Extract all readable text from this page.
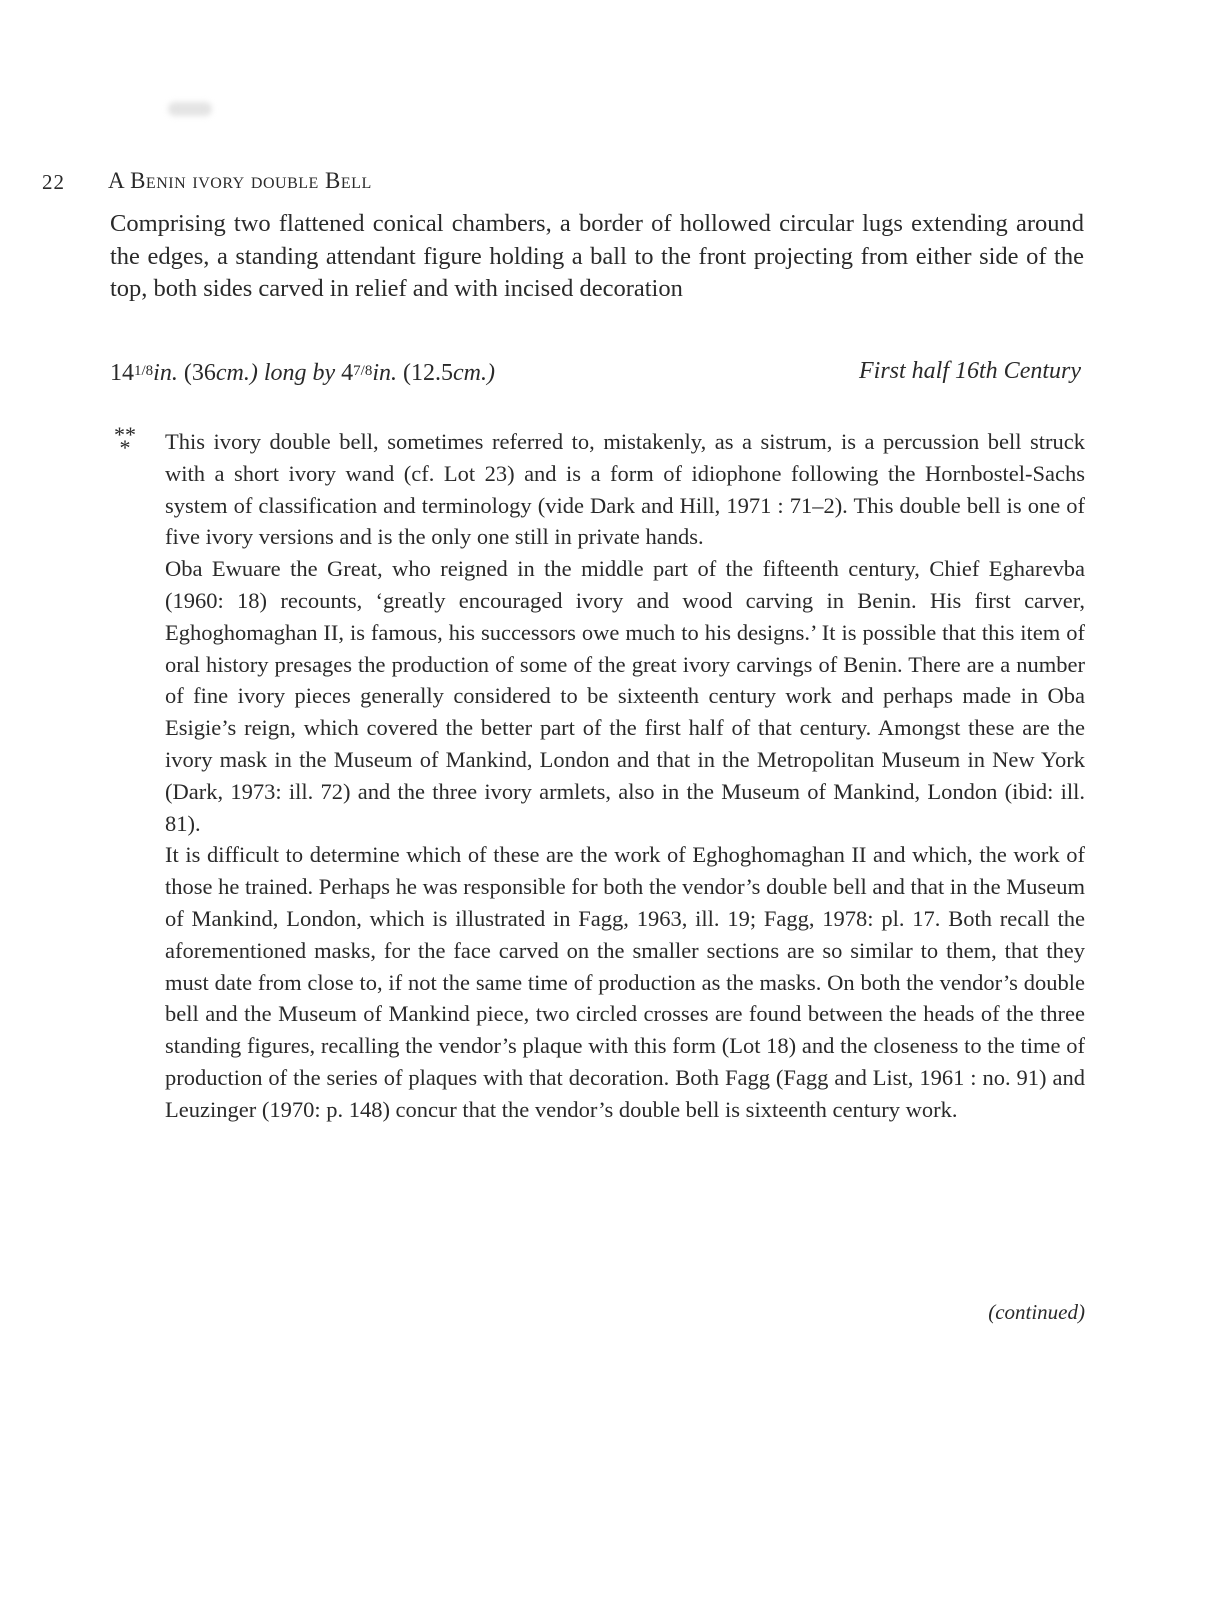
22 A Benin ivory double Bell
Comprising two flattened conical chambers, a border of hollowed circular lugs extending around the edges, a standing attendant figure holding a ball to the front projecting from either side of the top, both sides carved in relief and with incised decoration
$14^{1/8}in$. (36cm.) long by $4^{7/8}in$. (12.5cm.)	First half 16th Century
**
*	This ivory double bell, sometimes referred to, mistakenly, as a sistrum, is a percussion bell struck with a short ivory wand (cf. Lot 23) and is a form of idiophone following the Hornbostel-Sachs system of classification and terminology (vide Dark and Hill, 1971 : 71–2). This double bell is one of five ivory versions and is the only one still in private hands.

Oba Ewuare the Great, who reigned in the middle part of the fifteenth century, Chief Egharevba (1960: 18) recounts, ‘greatly encouraged ivory and wood carving in Benin. His first carver, Eghoghomaghan II, is famous, his successors owe much to his designs.’ It is possible that this item of oral history presages the production of some of the great ivory carvings of Benin. There are a number of fine ivory pieces generally considered to be sixteenth century work and perhaps made in Oba Esigie’s reign, which covered the better part of the first half of that century. Amongst these are the ivory mask in the Museum of Mankind, London and that in the Metropolitan Museum in New York (Dark, 1973: ill. 72) and the three ivory armlets, also in the Museum of Mankind, London (ibid: ill. 81).

It is difficult to determine which of these are the work of Eghoghomaghan II and which, the work of those he trained. Perhaps he was responsible for both the vendor’s double bell and that in the Museum of Mankind, London, which is illustrated in Fagg, 1963, ill. 19; Fagg, 1978: pl. 17. Both recall the aforementioned masks, for the face carved on the smaller sections are so similar to them, that they must date from close to, if not the same time of production as the masks. On both the vendor’s double bell and the Museum of Mankind piece, two circled crosses are found between the heads of the three standing figures, recalling the vendor’s plaque with this form (Lot 18) and the closeness to the time of production of the series of plaques with that decoration. Both Fagg (Fagg and List, 1961 : no. 91) and Leuzinger (1970: p. 148) concur that the vendor’s double bell is sixteenth century work.

(continued)
